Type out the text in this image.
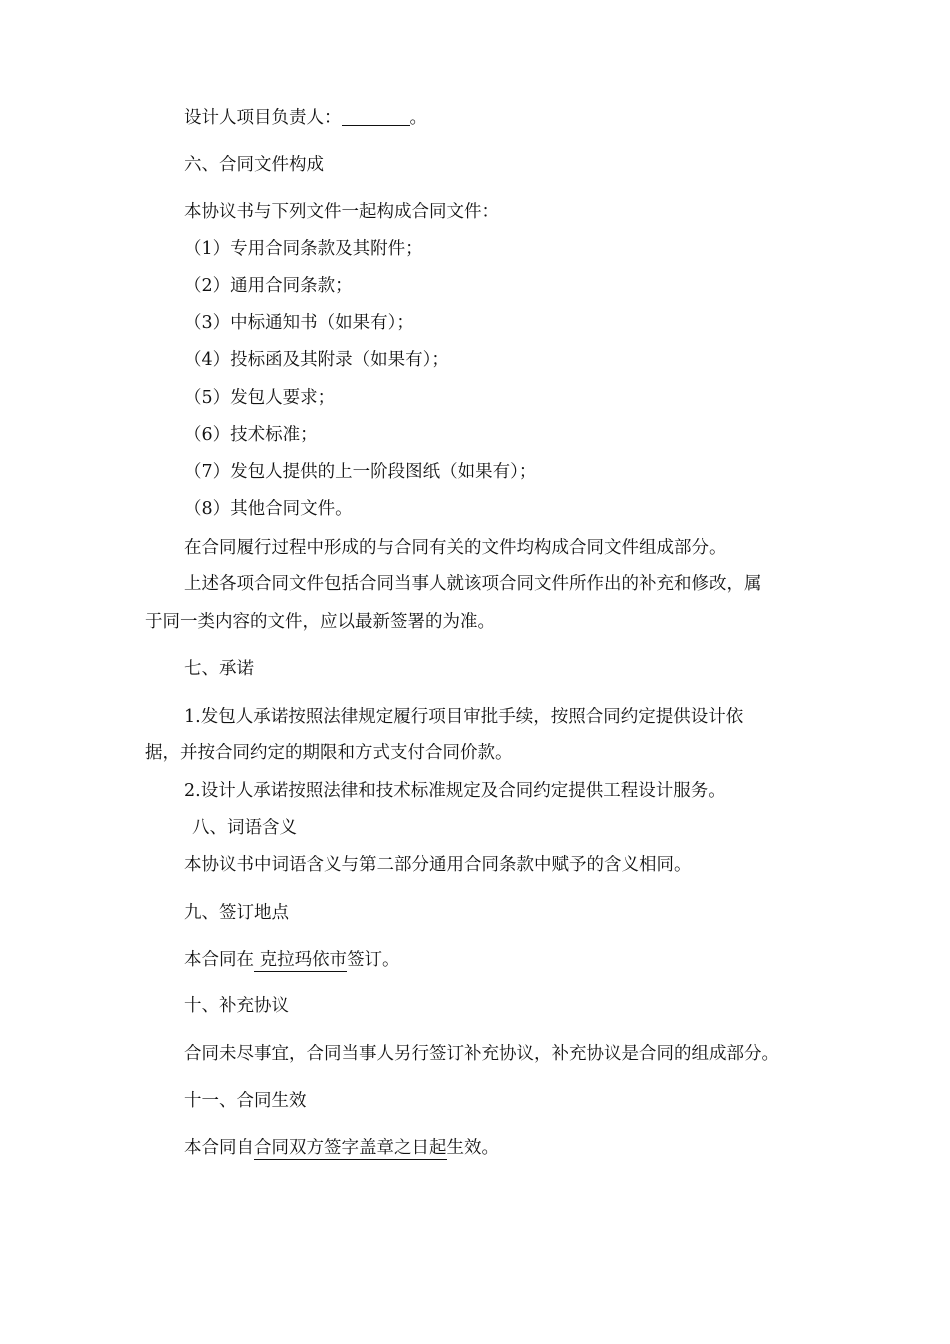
设计人项目负责人：	。
六、合同文件构成
本协议书与下列文件一起构成合同文件：
（1）专用合同条款及其附件；
（2）通用合同条款；
（3）中标通知书（如果有）；
（4）投标函及其附录（如果有）；
（5）发包人要求；
（6）技术标准；
（7）发包人提供的上一阶段图纸（如果有）；
（8）其他合同文件。
在合同履行过程中形成的与合同有关的文件均构成合同文件组成部分。
上述各项合同文件包括合同当事人就该项合同文件所作出的补充和修改，属
于同一类内容的文件，应以最新签署的为准。
七、承诺
1.发包人承诺按照法律规定履行项目审批手续，按照合同约定提供设计依
据，并按合同约定的期限和方式支付合同价款。
2.设计人承诺按照法律和技术标准规定及合同约定提供工程设计服务。
八、词语含义
本协议书中词语含义与第二部分通用合同条款中赋予的含义相同。
九、签订地点
本合同在 克拉玛依市签订。
十、补充协议
合同未尽事宜，合同当事人另行签订补充协议，补充协议是合同的组成部分。
十一、合同生效
本合同自合同双方签字盖章之日起生效。
